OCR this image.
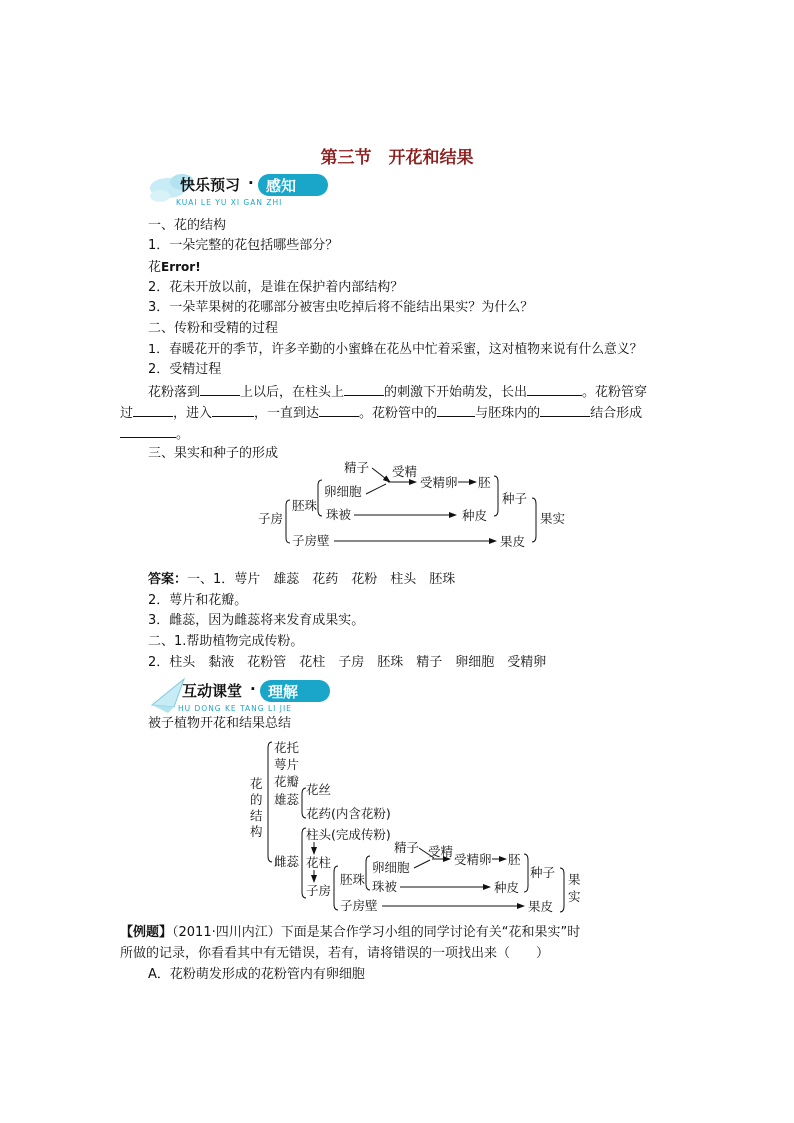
第三节　开花和结果
快乐预习 · 感知
KUAI LE YU XI GAN ZHI
一、花的结构
1．一朵完整的花包括哪些部分？
花Error!
2．花未开放以前，是谁在保护着内部结构？
3．一朵苹果树的花哪部分被害虫吃掉后将不能结出果实？为什么？
二、传粉和受精的过程
1．春暖花开的季节，许多辛勤的小蜜蜂在花丛中忙着采蜜，这对植物来说有什么意义？
2．受精过程
花粉落到	上以后，在柱头上	的刺激下开始萌发，长出	。花粉管穿
过	，进入	，一直到达	。花粉管中的	与胚珠内的	结合形成
。
三、果实和种子的形成
子房
胚珠
精子
卵细胞
受精
受精卵 胚
珠被	种皮
种子
子房壁	果皮
果实
答案：一、1．萼片　雄蕊　花药　花粉　柱头　胚珠
2．萼片和花瓣。
3．雌蕊，因为雌蕊将来发育成果实。
二、1.帮助植物完成传粉。
2．柱头　黏液　花粉管　花柱　子房　胚珠　精子　卵细胞　受精卵
互动课堂 · 理解
HU DONG KE TANG LI JIE
被子植物开花和结果总结
花
的
结
构
花托
萼片
花瓣
雄蕊
花丝
花药(内含花粉)
雌蕊
柱头(完成传粉)
花柱
子房
胚珠
精子
卵细胞
受精
受精卵 胚
珠被	种皮
种子
子房壁	果皮
果
实
【例题】（2011·四川内江）下面是某合作学习小组的同学讨论有关“花和果实”时
所做的记录，你看看其中有无错误，若有，请将错误的一项找出来（　　）
A．花粉萌发形成的花粉管内有卵细胞
